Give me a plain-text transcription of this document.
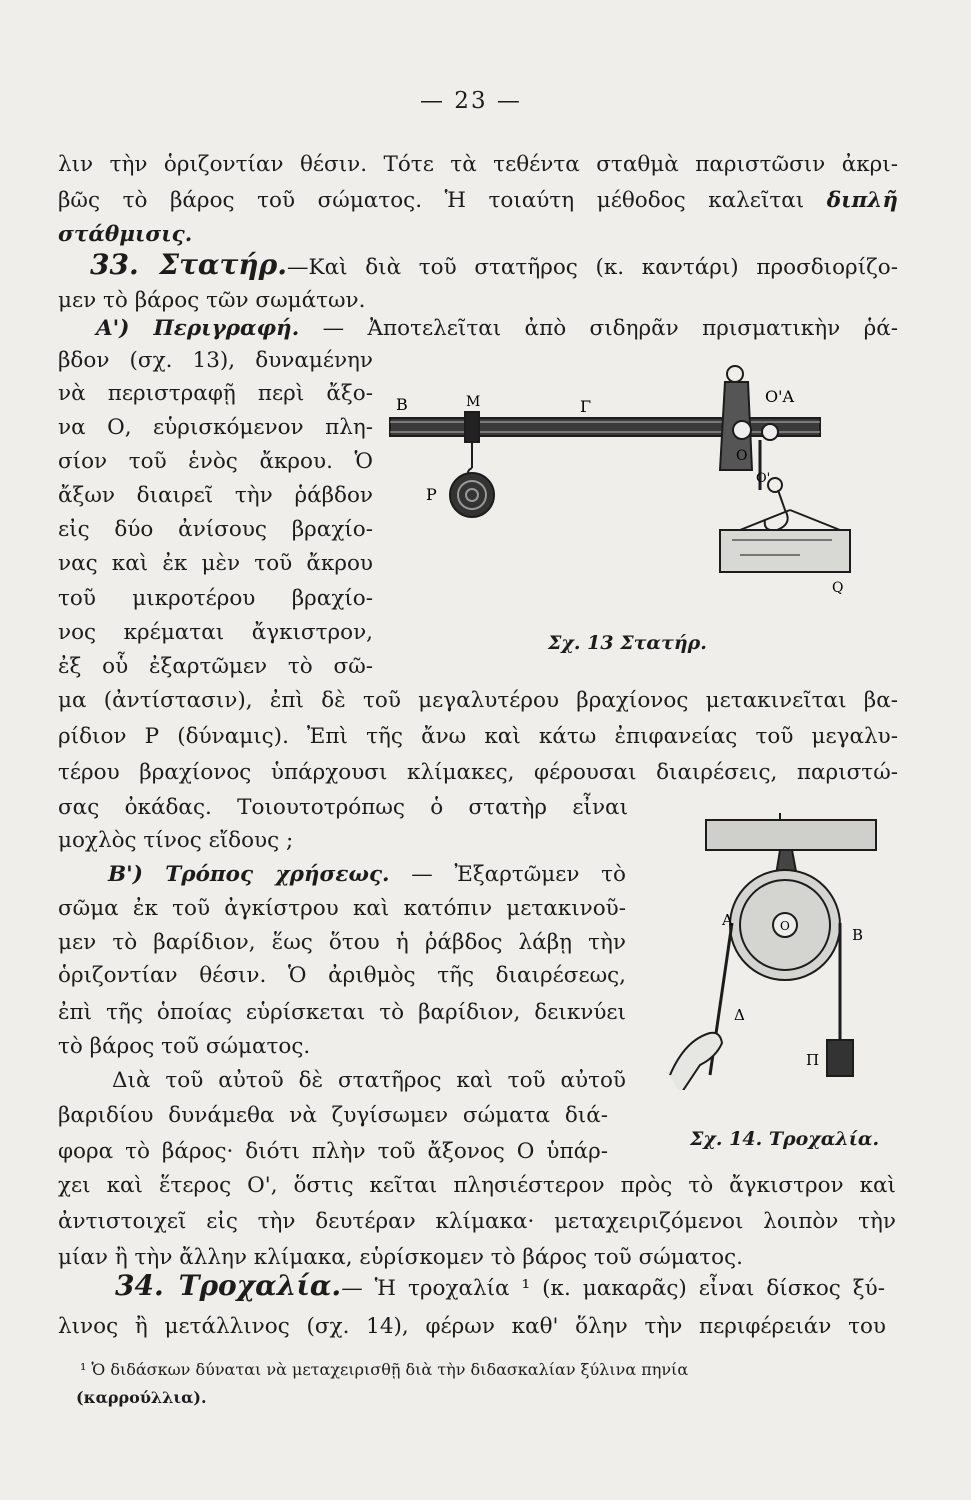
— 23 —
λιν τὴν ὁριζοντίαν θέσιν. Τότε τὰ τεθέντα σταθμὰ παριστῶσιν ἀκρι-
βῶς τὸ βάρος τοῦ σώματος. Ἡ τοιαύτη μέθοδος καλεῖται διπλῆ
στάθμισις.
33. Στατήρ.—Καὶ διὰ τοῦ στατῆρος (κ. καντάρι) προσδιορίζο-
μεν τὸ βάρος τῶν σωμάτων.
Α') Περιγραφή. — Ἀποτελεῖται ἀπὸ σιδηρᾶν πρισματικὴν ῥά-
βδον (σχ. 13), δυναμένην
νὰ περιστραφῇ περὶ ἄξο-
να Ο, εὑρισκόμενον πλη-
σίον τοῦ ἑνὸς ἄκρου. Ὁ
ἄξων διαιρεῖ τὴν ῥάβδον
εἰς δύο ἀνίσους βραχίο-
νας καὶ ἐκ μὲν τοῦ ἄκρου
τοῦ μικροτέρου βραχίο-
νος κρέμαται ἄγκιστρον,
ἐξ οὗ ἐξαρτῶμεν τὸ σῶ-
Β	Μ	Γ
Ο'Α
Ο
Ο'
Ρ
Q
Σχ. 13 Στατήρ.
μα (ἀντίστασιν), ἐπὶ δὲ τοῦ μεγαλυτέρου βραχίονος μετακινεῖται βα-
ρίδιον Ρ (δύναμις). Ἐπὶ τῆς ἄνω καὶ κάτω ἐπιφανείας τοῦ μεγαλυ-
τέρου βραχίονος ὑπάρχουσι κλίμακες, φέρουσαι διαιρέσεις, παριστώ-
σας ὀκάδας. Τοιουτοτρόπως ὁ στατὴρ εἶναι
μοχλὸς τίνος εἴδους ;
Β') Τρόπος χρήσεως. — Ἐξαρτῶμεν τὸ
σῶμα ἐκ τοῦ ἀγκίστρου καὶ κατόπιν μετακινοῦ-
μεν τὸ βαρίδιον, ἕως ὅτου ἡ ῥάβδος λάβῃ τὴν
ὁριζοντίαν θέσιν. Ὁ ἀριθμὸς τῆς διαιρέσεως,
ἐπὶ τῆς ὁποίας εὑρίσκεται τὸ βαρίδιον, δεικνύει
τὸ βάρος τοῦ σώματος.
Διὰ τοῦ αὐτοῦ δὲ στατῆρος καὶ τοῦ αὐτοῦ
βαριδίου δυνάμεθα νὰ ζυγίσωμεν σώματα διά-
φορα τὸ βάρος· διότι πλὴν τοῦ ἄξονος Ο ὑπάρ-
Α
Β
Ο
Δ
Π
Σχ. 14. Τροχαλία.
χει καὶ ἕτερος Ο', ὅστις κεῖται πλησιέστερον πρὸς τὸ ἄγκιστρον καὶ
ἀντιστοιχεῖ εἰς τὴν δευτέραν κλίμακα· μεταχειριζόμενοι λοιπὸν τὴν
μίαν ἢ τὴν ἄλλην κλίμακα, εὑρίσκομεν τὸ βάρος τοῦ σώματος.
34. Τροχαλία.— Ἡ τροχαλία ¹ (κ. μακαρᾶς) εἶναι δίσκος ξύ-
λινος ἢ μετάλλινος (σχ. 14), φέρων καθ' ὅλην τὴν περιφέρειάν του
¹ Ὁ διδάσκων δύναται νὰ μεταχειρισθῇ διὰ τὴν διδασκαλίαν ξύλινα πηνία
(καρρούλλια).
